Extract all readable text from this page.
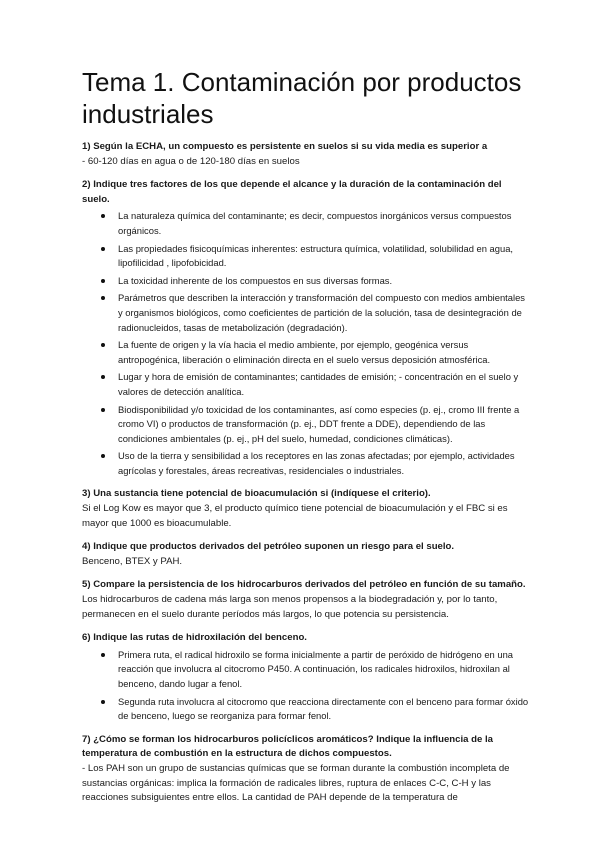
Tema 1. Contaminación por productos industriales

1) Según la ECHA, un compuesto es persistente en suelos si su vida media es superior a

- 60-120 días en agua o de 120-180 días en suelos

2) Indique tres factores de los que depende el alcance y la duración de la contaminación del suelo.

La naturaleza química del contaminante; es decir, compuestos inorgánicos versus compuestos orgánicos.
Las propiedades fisicoquímicas inherentes: estructura química, volatilidad, solubilidad en agua, lipofilicidad , lipofobicidad.
La toxicidad inherente de los compuestos en sus diversas formas.
Parámetros que describen la interacción y transformación del compuesto con medios ambientales y organismos biológicos, como coeficientes de partición de la solución, tasa de desintegración de radionucleidos, tasas de metabolización (degradación).
La fuente de origen y la vía hacia el medio ambiente, por ejemplo, geogénica versus antropogénica, liberación o eliminación directa en el suelo versus deposición atmosférica.
Lugar y hora de emisión de contaminantes; cantidades de emisión; - concentración en el suelo y valores de detección analítica.
Biodisponibilidad y/o toxicidad de los contaminantes, así como especies (p. ej., cromo III frente a cromo VI) o productos de transformación (p. ej., DDT frente a DDE), dependiendo de las condiciones ambientales (p. ej., pH del suelo, humedad, condiciones climáticas).
Uso de la tierra y sensibilidad a los receptores en las zonas afectadas; por ejemplo, actividades agrícolas y forestales, áreas recreativas, residenciales o industriales.

3) Una sustancia tiene potencial de bioacumulación si (indíquese el criterio).

Si el Log Kow es mayor que 3, el producto químico tiene potencial de bioacumulación y el FBC si es mayor que 1000 es bioacumulable.

4) Indique que productos derivados del petróleo suponen un riesgo para el suelo.

Benceno, BTEX y PAH.

5) Compare la persistencia de los hidrocarburos derivados del petróleo en función de su tamaño.

Los hidrocarburos de cadena más larga son menos propensos a la biodegradación y, por lo tanto, permanecen en el suelo durante períodos más largos, lo que potencia su persistencia.

6) Indique las rutas de hidroxilación del benceno.

Primera ruta, el radical hidroxilo se forma inicialmente a partir de peróxido de hidrógeno en una reacción que involucra al citocromo P450. A continuación, los radicales hidroxilos, hidroxilan al benceno, dando lugar a fenol.
Segunda ruta involucra al citocromo que reacciona directamente con el benceno para formar óxido de benceno, luego se reorganiza para formar fenol.

7) ¿Cómo se forman los hidrocarburos policíclicos aromáticos? Indique la influencia de la temperatura de combustión en la estructura de dichos compuestos.

- Los PAH son un grupo de sustancias químicas que se forman durante la combustión incompleta de sustancias orgánicas: implica la formación de radicales libres, ruptura de enlaces C-C, C-H y las reacciones subsiguientes entre ellos. La cantidad de PAH depende de la temperatura de
